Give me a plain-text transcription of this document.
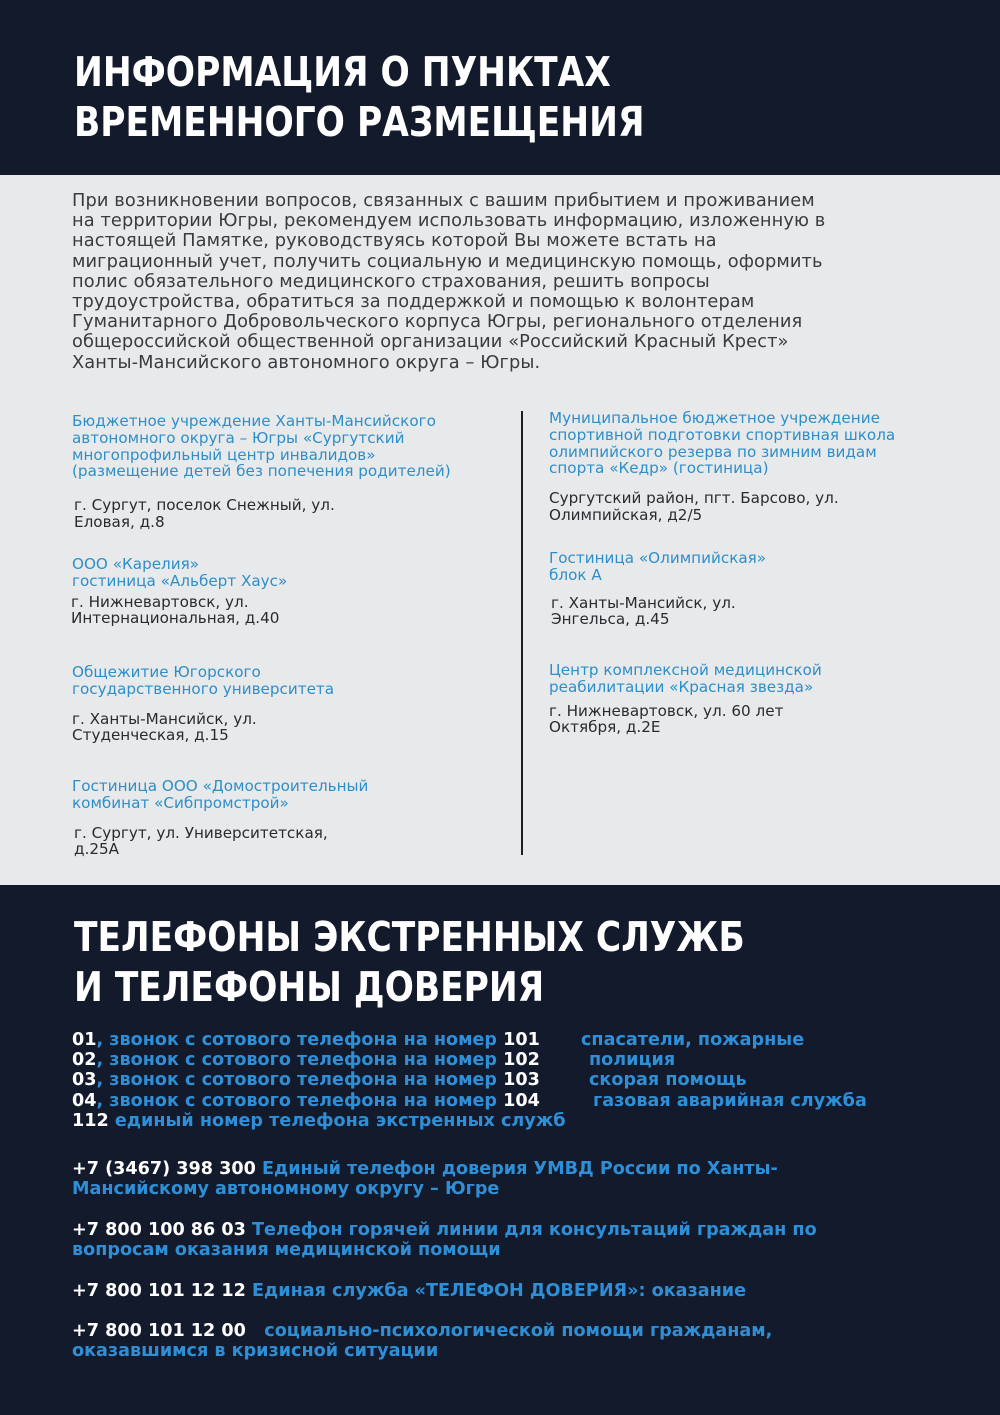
ИНФОРМАЦИЯ О ПУНКТАХ
ВРЕМЕННОГО РАЗМЕЩЕНИЯ

При возникновении вопросов, связанных с вашим прибытием и проживанием
на территории Югры, рекомендуем использовать информацию, изложенную в
настоящей Памятке, руководствуясь которой Вы можете встать на
миграционный учет, получить социальную и медицинскую помощь, оформить
полис обязательного медицинского страхования, решить вопросы
трудоустройства, обратиться за поддержкой и помощью к волонтерам
Гуманитарного Добровольческого корпуса Югры, регионального отделения
общероссийской общественной организации «Российский Красный Крест»
Ханты-Мансийского автономного округа – Югры.

Бюджетное учреждение Ханты-Мансийского
автономного округа – Югры «Сургутский
многопрофильный центр инвалидов»
(размещение детей без попечения родителей)

г. Сургут, поселок Снежный, ул.
Еловая, д.8

ООО «Карелия»
гостиница «Альберт Хаус»

г. Нижневартовск, ул.
Интернациональная, д.40

Общежитие Югорского
государственного университета

г. Ханты-Мансийск, ул.
Студенческая, д.15

Гостиница ООО «Домостроительный
комбинат «Сибпромстрой»

г. Сургут, ул. Университетская,
д.25А

Муниципальное бюджетное учреждение
спортивной подготовки спортивная школа
олимпийского резерва по зимним видам
спорта «Кедр» (гостиница)

Сургутский район, пгт. Барсово, ул.
Олимпийская, д2/5

Гостиница «Олимпийская»
блок А

г. Ханты-Мансийск, ул.
Энгельса, д.45

Центр комплексной медицинской
реабилитации «Красная звезда»

г. Нижневартовск, ул. 60 лет
Октября, д.2Е

ТЕЛЕФОНЫ ЭКСТРЕННЫХ СЛУЖБ
И ТЕЛЕФОНЫ ДОВЕРИЯ
01, звонок с сотового телефона на номер 101 спасатели, пожарные
02, звонок с сотового телефона на номер 102	полиция
03, звонок с сотового телефона на номер 103	скорая помощь
04, звонок с сотового телефона на номер 104	газовая аварийная служба
112 единый номер телефона экстренных служб
+7 (3467) 398 300 Единый телефон доверия УМВД России по Ханты-
Мансийскому автономному округу – Югре
+7 800 100 86 03 Телефон горячей линии для консультаций граждан по
вопросам оказания медицинской помощи
+7 800 101 12 12 Единая служба «ТЕЛЕФОН ДОВЕРИЯ»: оказание
+7 800 101 12 00   социально-психологической помощи гражданам,
оказавшимся в кризисной ситуации
